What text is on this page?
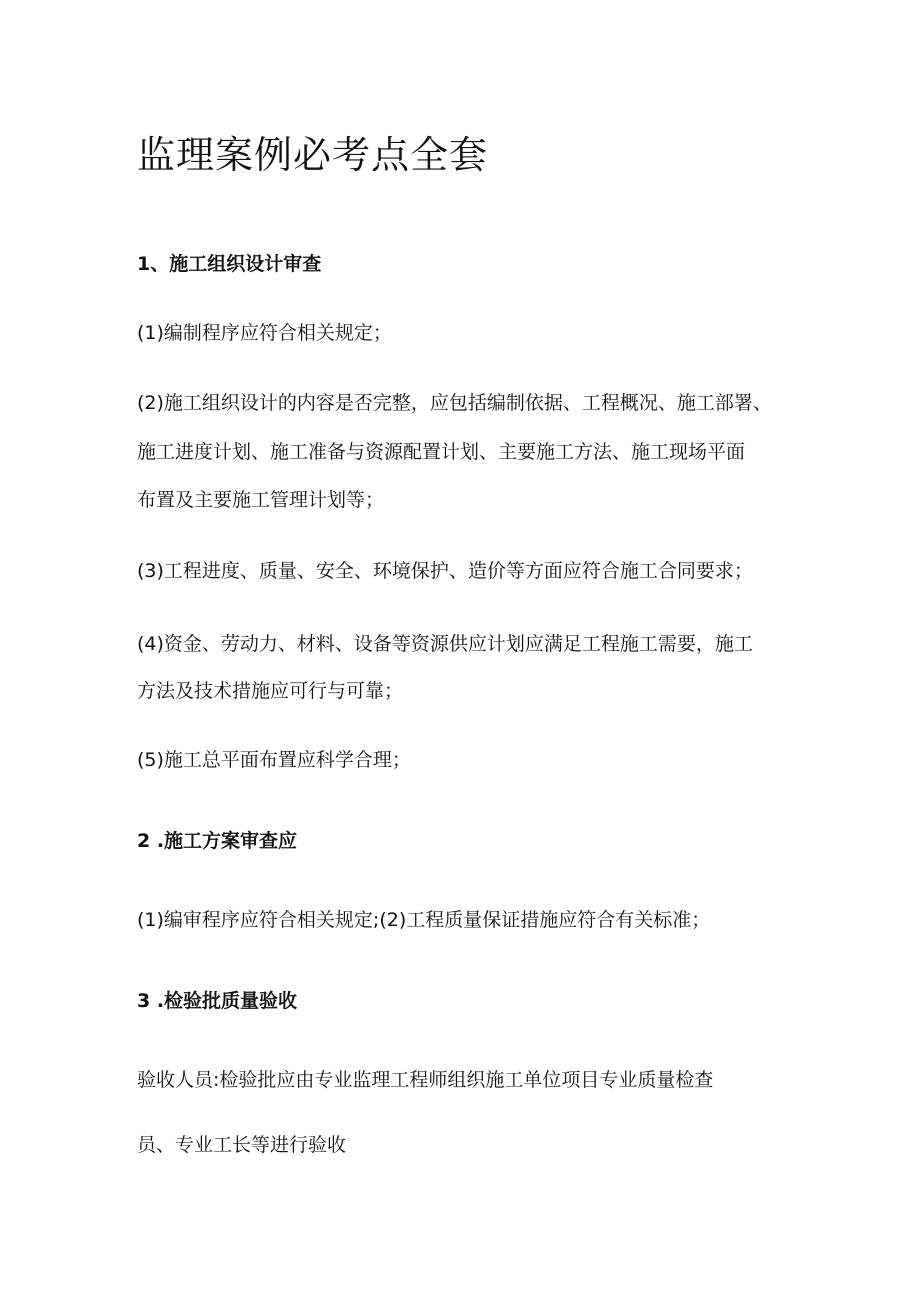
监理案例必考点全套

1、施工组织设计审查

(1)编制程序应符合相关规定；

(2)施工组织设计的内容是否完整，应包括编制依据、工程概况、施工部署、

施工进度计划、施工准备与资源配置计划、主要施工方法、施工现场平面

布置及主要施工管理计划等；

(3)工程进度、质量、安全、环境保护、造价等方面应符合施工合同要求；

(4)资金、劳动力、材料、设备等资源供应计划应满足工程施工需要，施工

方法及技术措施应可行与可靠；

(5)施工总平面布置应科学合理；

2 .施工方案审查应

(1)编审程序应符合相关规定;(2)工程质量保证措施应符合有关标准；

3 .检验批质量验收

验收人员:检验批应由专业监理工程师组织施工单位项目专业质量检查

员、专业工长等进行验收
